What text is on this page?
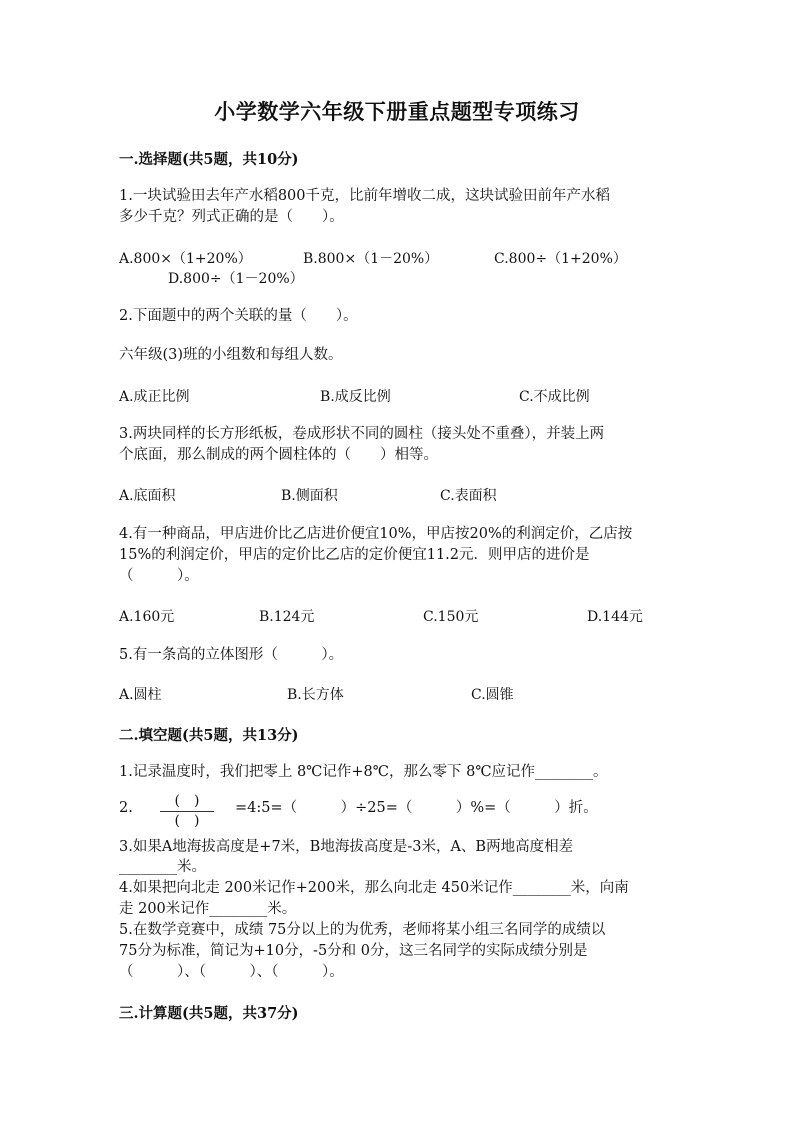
小学数学六年级下册重点题型专项练习
一.选择题(共5题，共10分)
1.一块试验田去年产水稻800千克，比前年增收二成，这块试验田前年产水稻
多少千克？列式正确的是（　　）。
A.800×（1+20%）	B.800×（1－20%）	C.800÷（1+20%）
D.800÷（1－20%）
2.下面题中的两个关联的量（　　）。
六年级(3)班的小组数和每组人数。
A.成正比例	B.成反比例	C.不成比例
3.两块同样的长方形纸板，卷成形状不同的圆柱（接头处不重叠），并装上两
个底面，那么制成的两个圆柱体的（　　）相等。
A.底面积	B.侧面积	C.表面积
4.有一种商品，甲店进价比乙店进价便宜10%，甲店按20%的利润定价，乙店按
15%的利润定价，甲店的定价比乙店的定价便宜11.2元．则甲店的进价是
（　　　）。
A.160元	B.124元	C.150元	D.144元
5.有一条高的立体图形（　　　）。
A.圆柱	B.长方体	C.圆锥
二.填空题(共5题，共13分)
1.记录温度时，我们把零上 8℃记作+8℃，那么零下 8℃应记作________。
2.	(　)
(　)
=4:5=（　　　）÷25=（　　　）%=（　　　）折。
3.如果A地海拔高度是+7米，B地海拔高度是-3米，A、B两地高度相差
________米。
4.如果把向北走 200米记作+200米，那么向北走 450米记作________米，向南
走 200米记作________米。
5.在数学竞赛中，成绩 75分以上的为优秀，老师将某小组三名同学的成绩以
75分为标准，简记为+10分，-5分和 0分，这三名同学的实际成绩分别是
（　　　）、（　　　）、（　　　）。
三.计算题(共5题，共37分)
